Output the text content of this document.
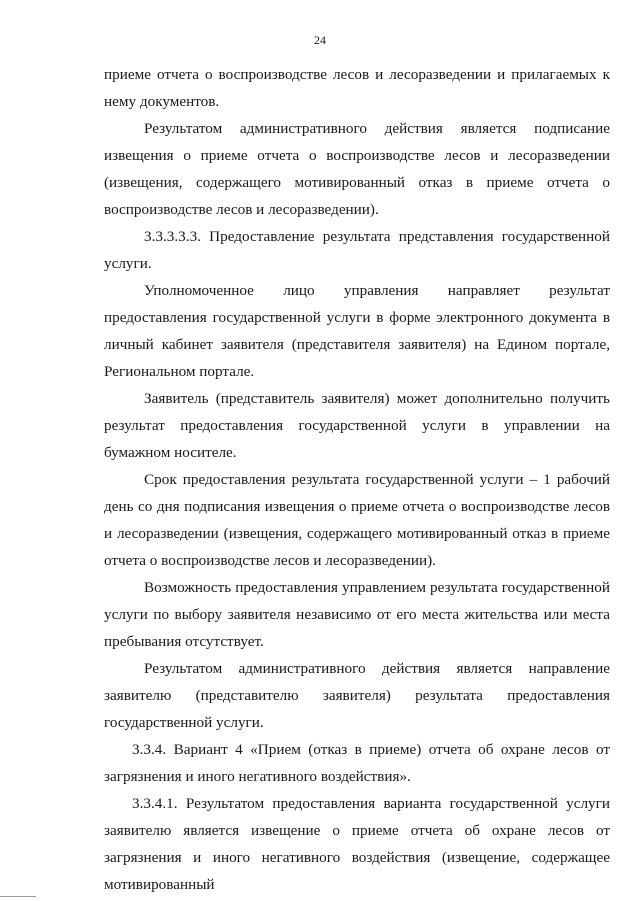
24

приеме отчета о воспроизводстве лесов и лесоразведении и прилагаемых к нему документов.

Результатом административного действия является подписание извещения о приеме отчета о воспроизводстве лесов и лесоразведении (извещения, содержащего мотивированный отказ в приеме отчета о воспроизводстве лесов и лесоразведении).

3.3.3.3.3. Предоставление результата представления государственной услуги.

Уполномоченное лицо управления направляет результат предоставления государственной услуги в форме электронного документа в личный кабинет заявителя (представителя заявителя) на Едином портале, Региональном портале.

Заявитель (представитель заявителя) может дополнительно получить результат предоставления государственной услуги в управлении на бумажном носителе.

Срок предоставления результата государственной услуги – 1 рабочий день со дня подписания извещения о приеме отчета о воспроизводстве лесов и лесоразведении (извещения, содержащего мотивированный отказ в приеме отчета о воспроизводстве лесов и лесоразведении).

Возможность предоставления управлением результата государственной услуги по выбору заявителя независимо от его места жительства или места пребывания отсутствует.

Результатом административного действия является направление заявителю (представителю заявителя) результата предоставления государственной услуги.

3.3.4. Вариант 4 «Прием (отказ в приеме) отчета об охране лесов от загрязнения и иного негативного воздействия».

3.3.4.1. Результатом предоставления варианта государственной услуги заявителю является извещение о приеме отчета об охране лесов от загрязнения и иного негативного воздействия (извещение, содержащее мотивированный
